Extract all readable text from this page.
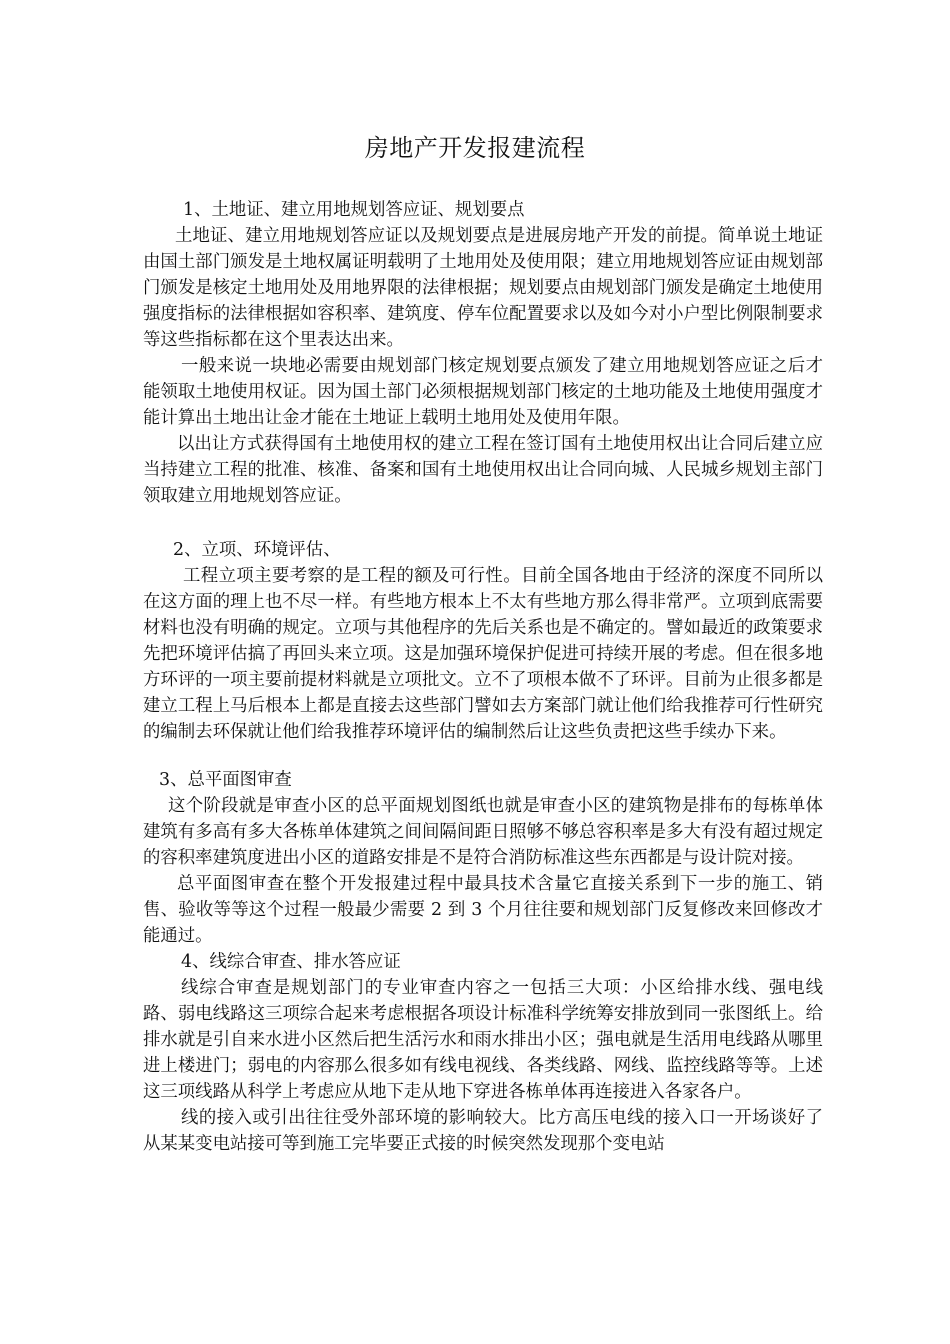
房地产开发报建流程
1、土地证、建立用地规划答应证、规划要点
土地证、建立用地规划答应证以及规划要点是进展房地产开发的前提。简单说土地证由国土部门颁发是土地权属证明载明了土地用处及使用限；建立用地规划答应证由规划部门颁发是核定土地用处及用地界限的法律根据；规划要点由规划部门颁发是确定土地使用强度指标的法律根据如容积率、建筑度、停车位配置要求以及如今对小户型比例限制要求等这些指标都在这个里表达出来。
一般来说一块地必需要由规划部门核定规划要点颁发了建立用地规划答应证之后才能领取土地使用权证。因为国土部门必须根据规划部门核定的土地功能及土地使用强度才能计算出土地出让金才能在土地证上载明土地用处及使用年限。
以出让方式获得国有土地使用权的建立工程在签订国有土地使用权出让合同后建立应当持建立工程的批准、核准、备案和国有土地使用权出让合同向城、人民城乡规划主部门领取建立用地规划答应证。
2、立项、环境评估、
工程立项主要考察的是工程的额及可行性。目前全国各地由于经济的深度不同所以在这方面的理上也不尽一样。有些地方根本上不太有些地方那么得非常严。立项到底需要材料也没有明确的规定。立项与其他程序的先后关系也是不确定的。譬如最近的政策要求先把环境评估搞了再回头来立项。这是加强环境保护促进可持续开展的考虑。但在很多地方环评的一项主要前提材料就是立项批文。立不了项根本做不了环评。目前为止很多都是建立工程上马后根本上都是直接去这些部门譬如去方案部门就让他们给我推荐可行性研究的编制去环保就让他们给我推荐环境评估的编制然后让这些负责把这些手续办下来。
3、总平面图审查
这个阶段就是审查小区的总平面规划图纸也就是审查小区的建筑物是排布的每栋单体建筑有多高有多大各栋单体建筑之间间隔间距日照够不够总容积率是多大有没有超过规定的容积率建筑度进出小区的道路安排是不是符合消防标准这些东西都是与设计院对接。
总平面图审查在整个开发报建过程中最具技术含量它直接关系到下一步的施工、销售、验收等等这个过程一般最少需要 2 到 3 个月往往要和规划部门反复修改来回修改才能通过。
4、线综合审查、排水答应证
线综合审查是规划部门的专业审查内容之一包括三大项：小区给排水线、强电线路、弱电线路这三项综合起来考虑根据各项设计标准科学统筹安排放到同一张图纸上。给排水就是引自来水进小区然后把生活污水和雨水排出小区；强电就是生活用电线路从哪里进上楼进门；弱电的内容那么很多如有线电视线、各类线路、网线、监控线路等等。上述这三项线路从科学上考虑应从地下走从地下穿进各栋单体再连接进入各家各户。
线的接入或引出往往受外部环境的影响较大。比方高压电线的接入口一开场谈好了从某某变电站接可等到施工完毕要正式接的时候突然发现那个变电站
